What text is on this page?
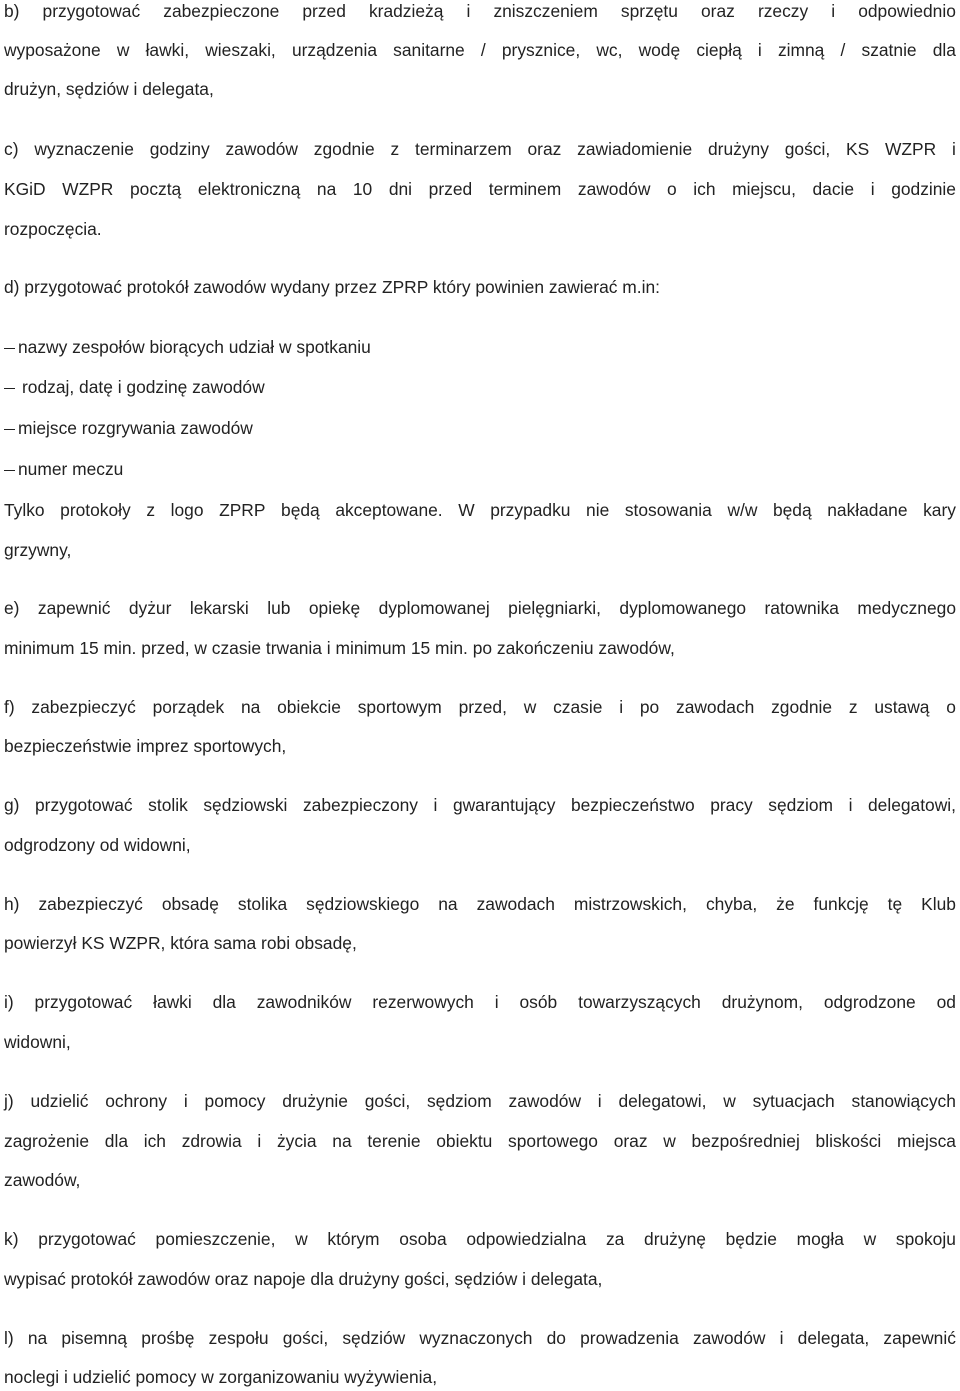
b) przygotować zabezpieczone przed kradzieżą i zniszczeniem sprzętu oraz rzeczy i odpowiednio
wyposażone w ławki, wieszaki, urządzenia sanitarne / prysznice, wc, wodę ciepłą i zimną / szatnie dla
drużyn, sędziów i delegata,
c) wyznaczenie godziny zawodów zgodnie z terminarzem oraz zawiadomienie drużyny gości, KS WZPR i
KGiD WZPR pocztą elektroniczną na 10 dni przed terminem zawodów o ich miejscu, dacie i godzinie
rozpoczęcia.
d) przygotować protokół zawodów wydany przez ZPRP który powinien zawierać m.in:
nazwy zespołów biorących udział w spotkaniu
rodzaj, datę i godzinę zawodów
miejsce rozgrywania zawodów
numer meczu
Tylko protokoły z logo ZPRP będą akceptowane. W przypadku nie stosowania w/w będą nakładane kary
grzywny,
e) zapewnić dyżur lekarski lub opiekę dyplomowanej pielęgniarki, dyplomowanego ratownika medycznego
minimum 15 min. przed, w czasie trwania i minimum 15 min. po zakończeniu zawodów,
f) zabezpieczyć porządek na obiekcie sportowym przed, w czasie i po zawodach zgodnie z ustawą o
bezpieczeństwie imprez sportowych,
g) przygotować stolik sędziowski zabezpieczony i gwarantujący bezpieczeństwo pracy sędziom i delegatowi,
odgrodzony od widowni,
h) zabezpieczyć obsadę stolika sędziowskiego na zawodach mistrzowskich, chyba, że funkcję tę Klub
powierzył KS WZPR, która sama robi obsadę,
i) przygotować ławki dla zawodników rezerwowych i osób towarzyszących drużynom, odgrodzone od
widowni,
j) udzielić ochrony i pomocy drużynie gości, sędziom zawodów i delegatowi, w sytuacjach stanowiących
zagrożenie dla ich zdrowia i życia na terenie obiektu sportowego oraz w bezpośredniej bliskości miejsca
zawodów,
k) przygotować pomieszczenie, w którym osoba odpowiedzialna za drużynę będzie mogła w spokoju
wypisać protokół zawodów oraz napoje dla drużyny gości, sędziów i delegata,
l) na pisemną prośbę zespołu gości, sędziów wyznaczonych do prowadzenia zawodów i delegata, zapewnić
noclegi i udzielić pomocy w zorganizowaniu wyżywienia,
